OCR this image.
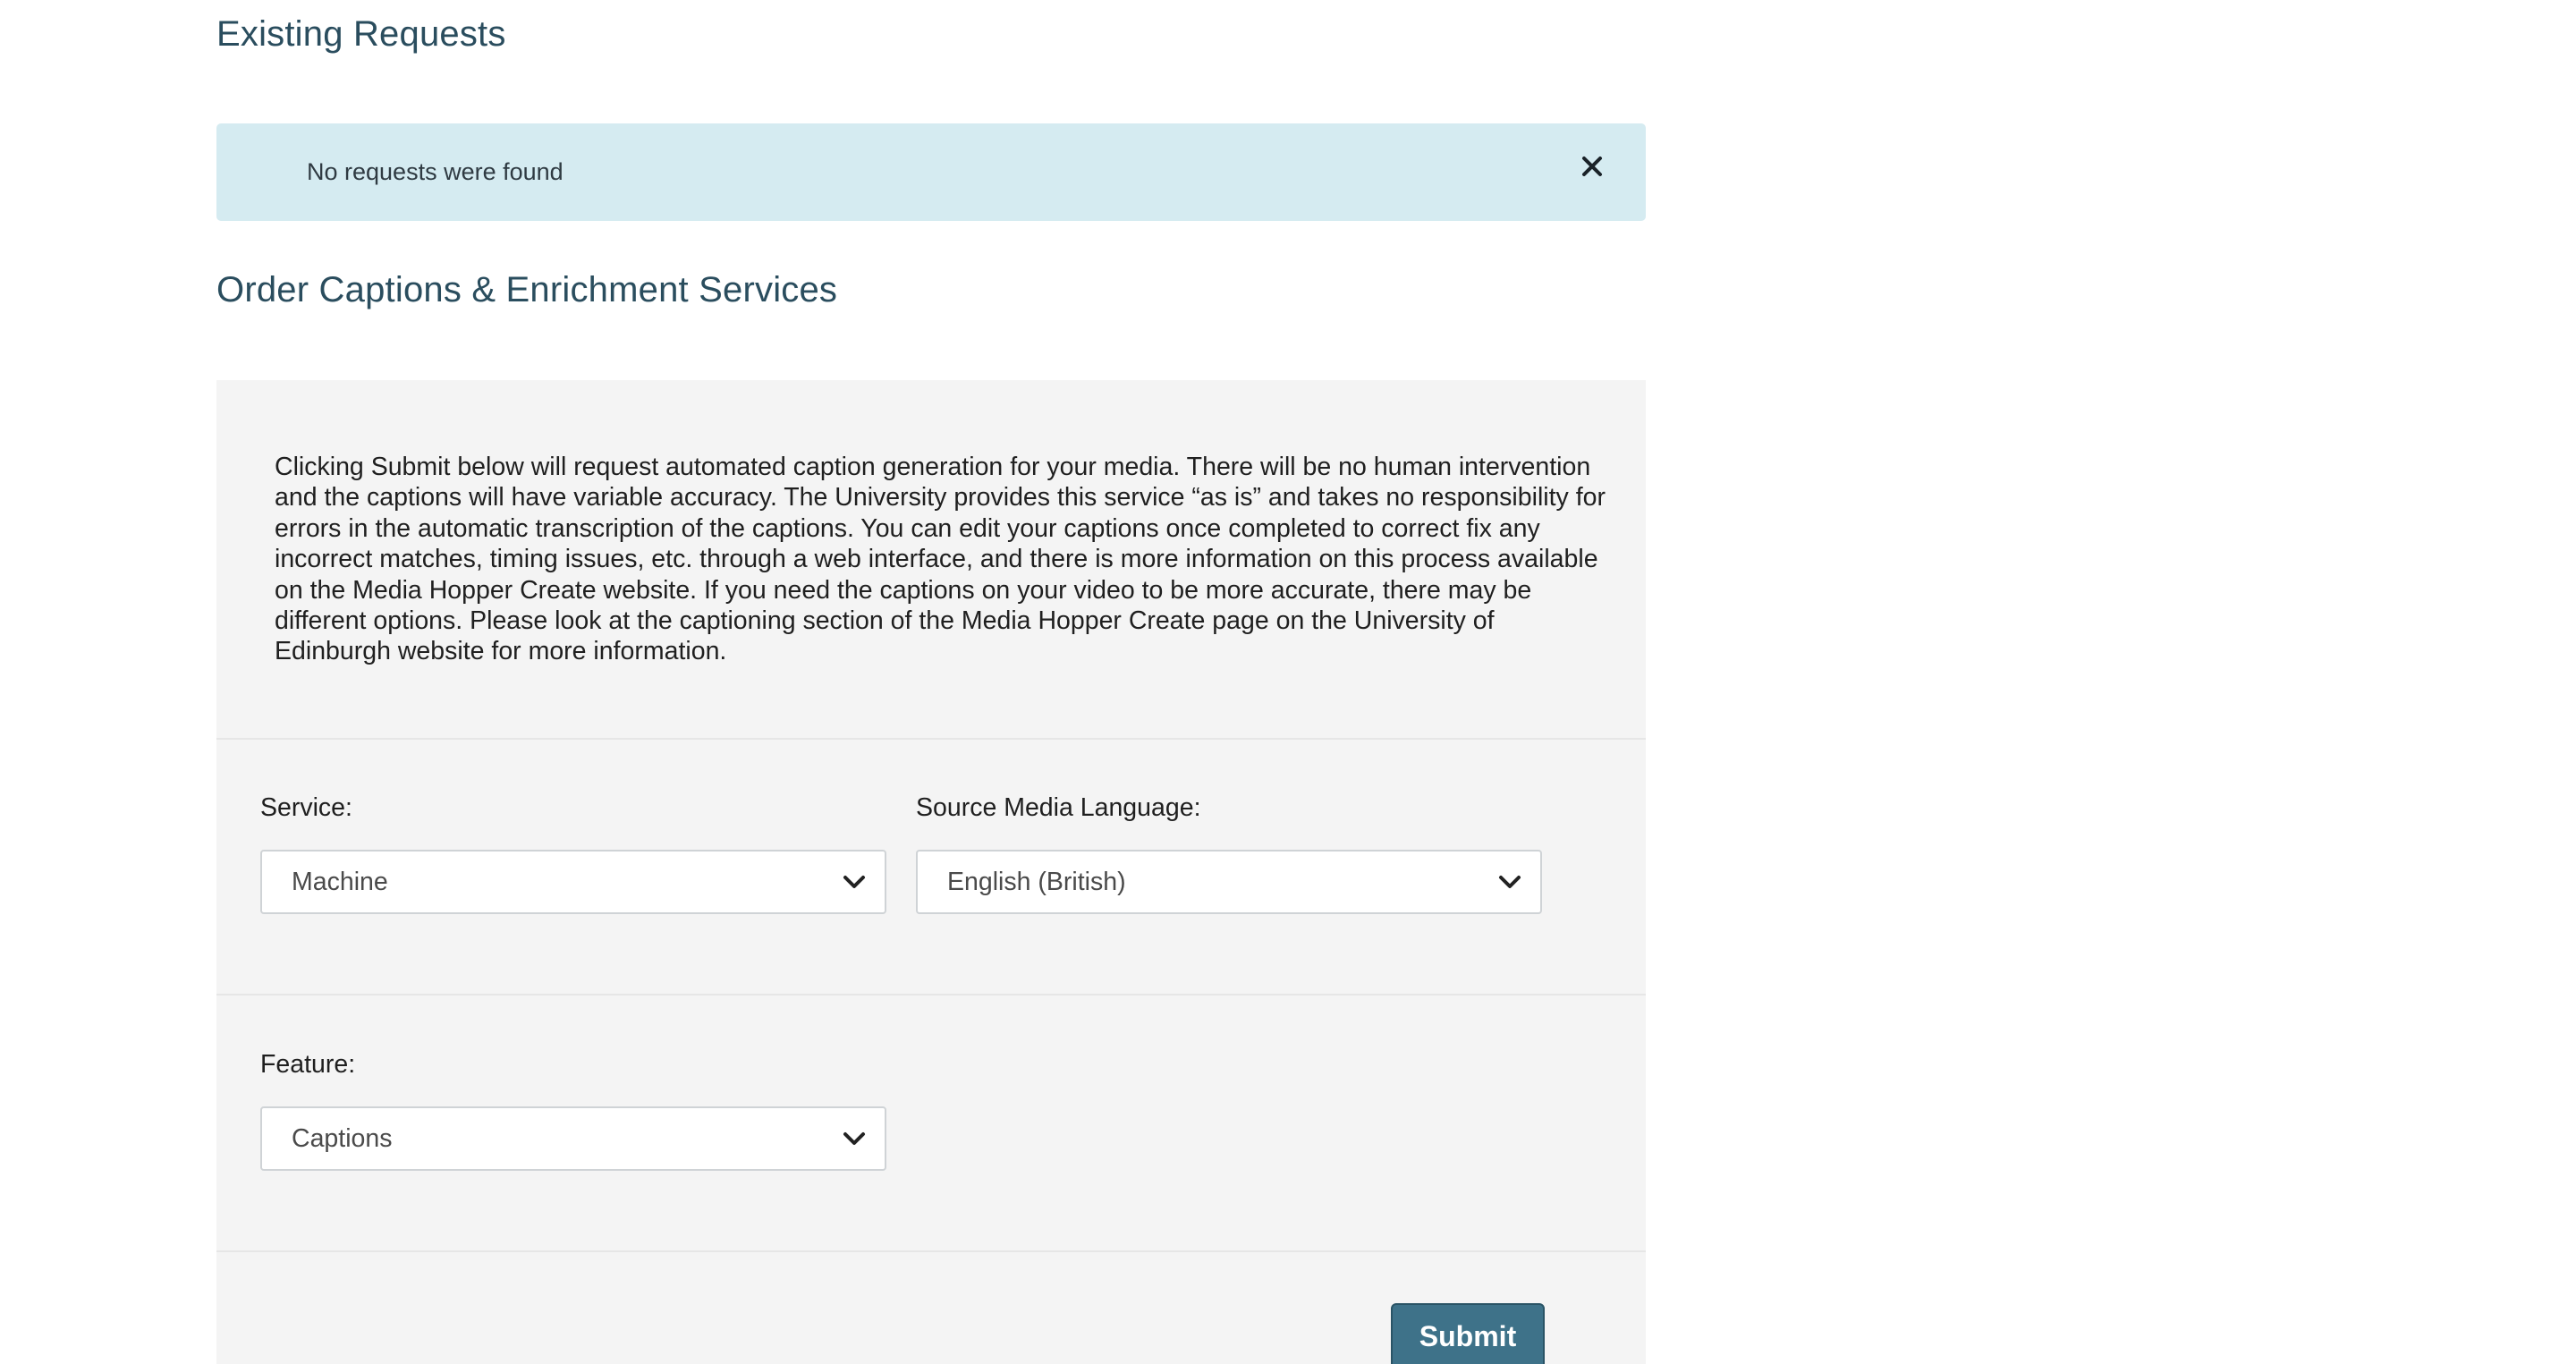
Existing Requests
No requests were found
Order Captions & Enrichment Services

Clicking Submit below will request automated caption generation for your media. There will be no human intervention and the captions will have variable accuracy. The University provides this service “as is” and takes no responsibility for errors in the automatic transcription of the captions. You can edit your captions once completed to correct fix any incorrect matches, timing issues, etc. through a web interface, and there is more information on this process available on the Media Hopper Create website. If you need the captions on your video to be more accurate, there may be different options. Please look at the captioning section of the Media Hopper Create page on the University of Edinburgh website for more information.

Service:
Machine
Source Media Language:
English (British)
Feature:
Captions
Submit
